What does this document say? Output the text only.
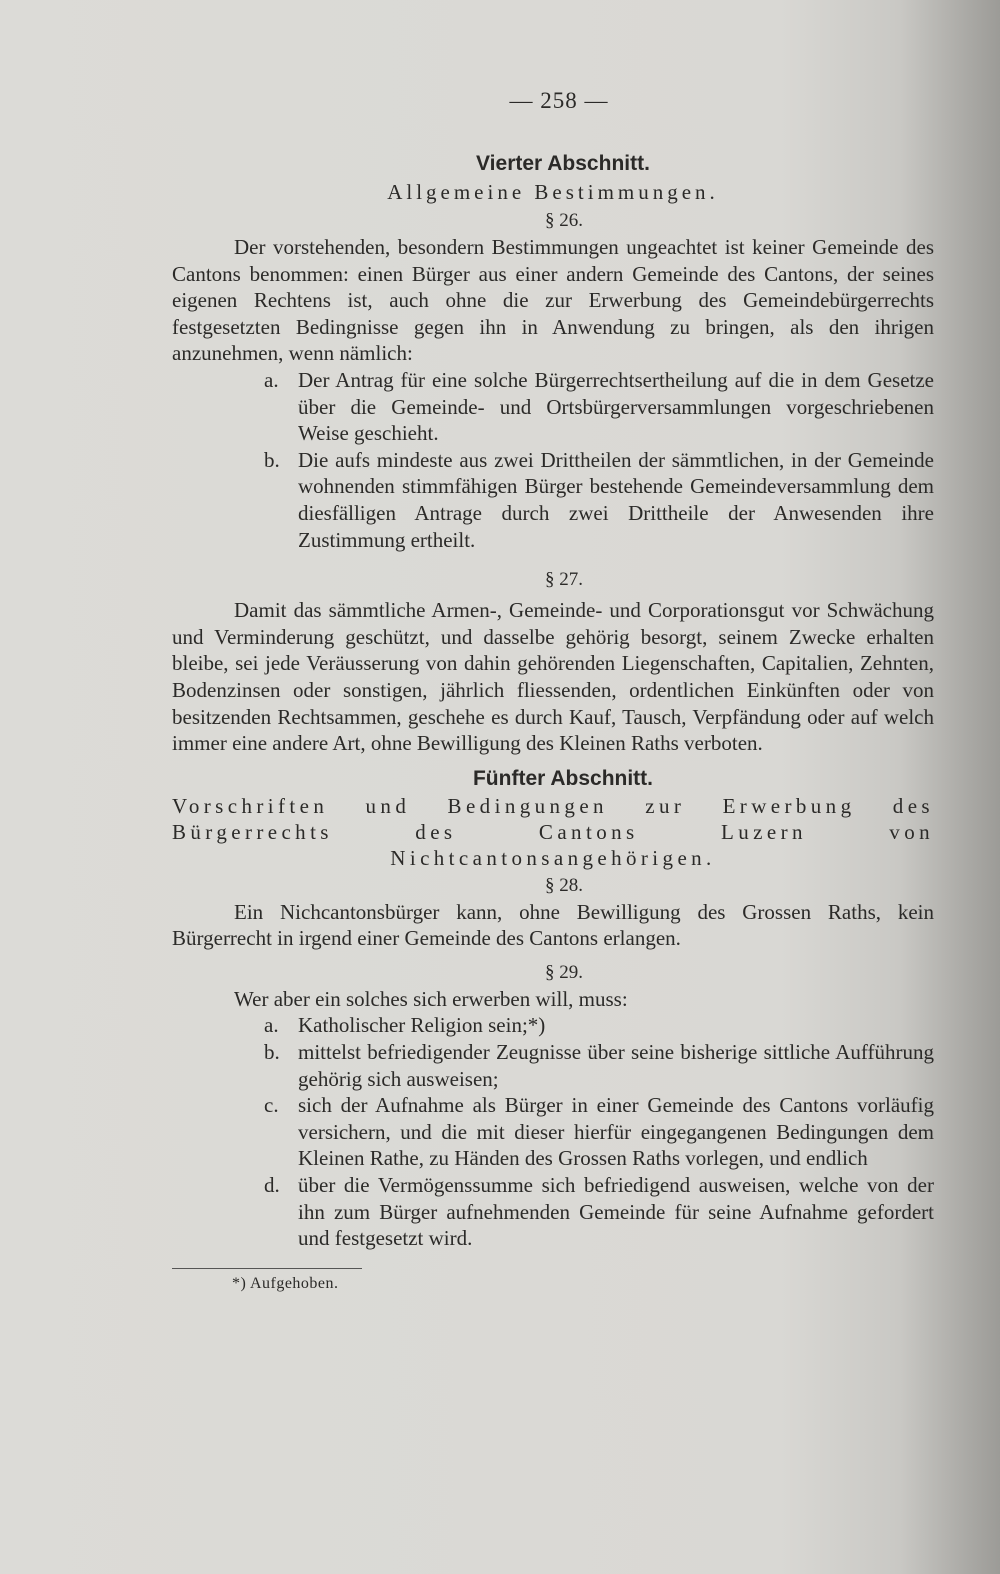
— 258 —
Vierter Abschnitt.
Allgemeine Bestimmungen.
§ 26.

Der vorstehenden, besondern Bestimmungen ungeachtet ist keiner Gemeinde des Cantons benommen: einen Bürger aus einer andern Gemeinde des Cantons, der seines eigenen Rechtens ist, auch ohne die zur Erwerbung des Gemeindebürgerrechts festgesetzten Bedingnisse gegen ihn in Anwendung zu bringen, als den ihrigen anzunehmen, wenn nämlich:

a. Der Antrag für eine solche Bürgerrechtsertheilung auf die in dem Gesetze über die Gemeinde- und Ortsbürgerversammlungen vorgeschriebenen Weise geschieht.
b. Die aufs mindeste aus zwei Drittheilen der sämmtlichen, in der Gemeinde wohnenden stimmfähigen Bürger bestehende Gemeindeversammlung dem diesfälligen Antrage durch zwei Drittheile der Anwesenden ihre Zustimmung ertheilt.
§ 27.

Damit das sämmtliche Armen-, Gemeinde- und Corporationsgut vor Schwächung und Verminderung geschützt, und dasselbe gehörig besorgt, seinem Zwecke erhalten bleibe, sei jede Veräusserung von dahin gehörenden Liegenschaften, Capitalien, Zehnten, Bodenzinsen oder sonstigen, jährlich fliessenden, ordentlichen Einkünften oder von besitzenden Rechtsammen, geschehe es durch Kauf, Tausch, Verpfändung oder auf welch immer eine andere Art, ohne Bewilligung des Kleinen Raths verboten.

Fünfter Abschnitt.
Vorschriften und Bedingungen zur Erwerbung des Bürgerrechts des Cantons Luzern von Nichtcantonsangehörigen.
§ 28.

Ein Nichcantonsbürger kann, ohne Bewilligung des Grossen Raths, kein Bürgerrecht in irgend einer Gemeinde des Cantons erlangen.

§ 29.

Wer aber ein solches sich erwerben will, muss:

a. Katholischer Religion sein;*)
b. mittelst befriedigender Zeugnisse über seine bisherige sittliche Aufführung gehörig sich ausweisen;
c. sich der Aufnahme als Bürger in einer Gemeinde des Cantons vorläufig versichern, und die mit dieser hierfür eingegangenen Bedingungen dem Kleinen Rathe, zu Händen des Grossen Raths vorlegen, und endlich
d. über die Vermögenssumme sich befriedigend ausweisen, welche von der ihn zum Bürger aufnehmenden Gemeinde für seine Aufnahme gefordert und festgesetzt wird.

*) Aufgehoben.
